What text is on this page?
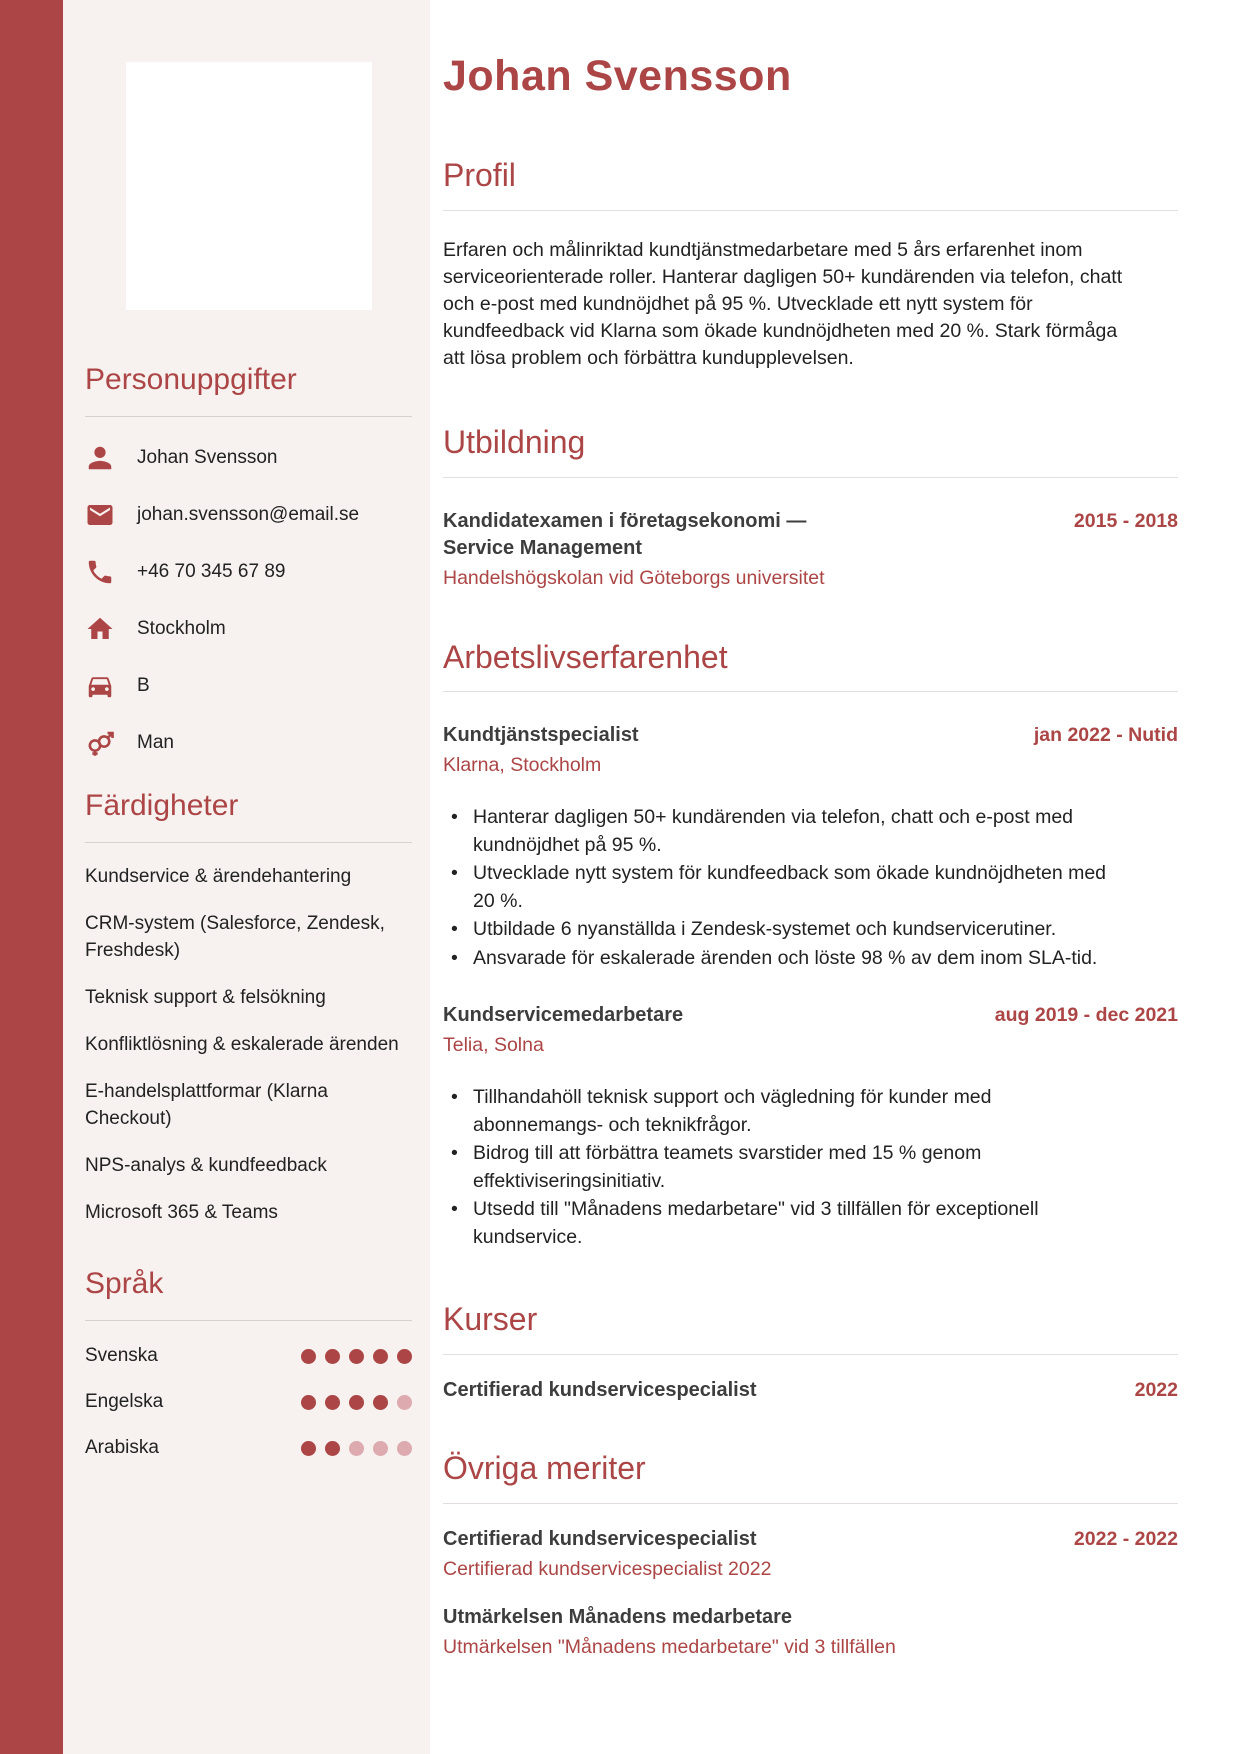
Personuppgifter
Johan Svensson
johan.svensson@email.se
+46 70 345 67 89
Stockholm
B
Man
Färdigheter

Kundservice & ärendehantering

CRM-system (Salesforce, Zendesk, Freshdesk)

Teknisk support & felsökning

Konfliktlösning & eskalerade ärenden

E-handelsplattformar (Klarna Checkout)

NPS-analys & kundfeedback

Microsoft 365 & Teams

Språk
Svenska
Engelska
Arabiska
Johan Svensson
Profil

Erfaren och målinriktad kundtjänstmedarbetare med 5 års erfarenhet inom serviceorienterade roller. Hanterar dagligen 50+ kundärenden via telefon, chatt och e-post med kundnöjdhet på 95 %. Utvecklade ett nytt system för kundfeedback vid Klarna som ökade kundnöjdheten med 20 %. Stark förmåga att lösa problem och förbättra kundupplevelsen.

Utbildning
Kandidatexamen i företagsekonomi — Service Management

Handelshögskolan vid Göteborgs universitet

2015 - 2018
Arbetslivserfarenhet
Kundtjänstspecialist

Klarna, Stockholm

jan 2022 - Nutid
• Hanterar dagligen 50+ kundärenden via telefon, chatt och e-post med kundnöjdhet på 95 %.
• Utvecklade nytt system för kundfeedback som ökade kundnöjdheten med 20 %.
• Utbildade 6 nyanställda i Zendesk-systemet och kundservicerutiner.
• Ansvarade för eskalerade ärenden och löste 98 % av dem inom SLA-tid.
Kundservicemedarbetare

Telia, Solna

aug 2019 - dec 2021
• Tillhandahöll teknisk support och vägledning för kunder med abonnemangs- och teknikfrågor.
• Bidrog till att förbättra teamets svarstider med 15 % genom effektiviseringsinitiativ.
• Utsedd till "Månadens medarbetare" vid 3 tillfällen för exceptionell kundservice.
Kurser
Certifierad kundservicespecialist	2022
Övriga meriter
Certifierad kundservicespecialist

Certifierad kundservicespecialist 2022

2022 - 2022
Utmärkelsen Månadens medarbetare

Utmärkelsen "Månadens medarbetare" vid 3 tillfällen
